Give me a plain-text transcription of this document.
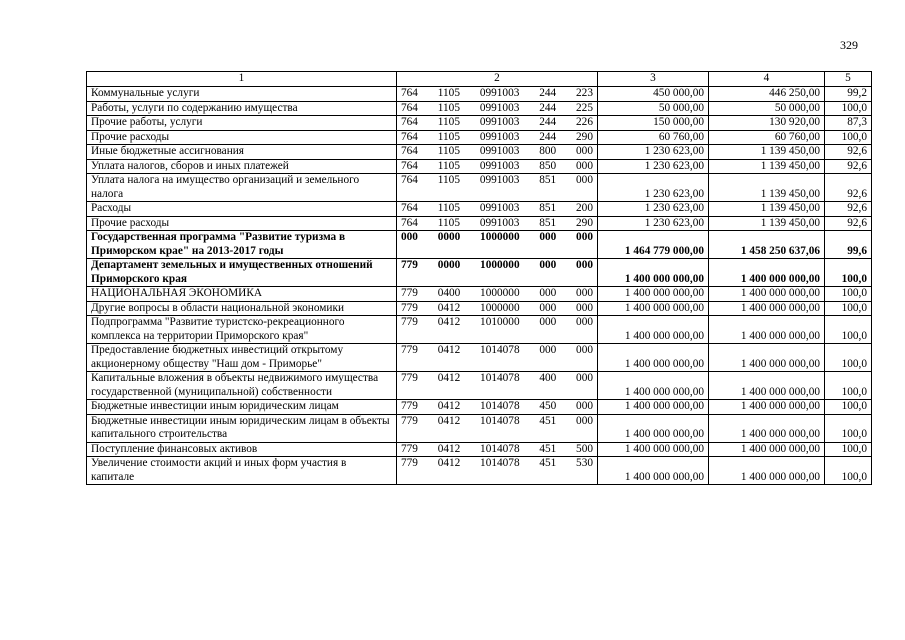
329
1	2	3	4	5
Коммунальные услуги	764 1105 0991003 244 223	450 000,00	446 250,00	99,2
Работы, услуги по содержанию имущества	764 1105 0991003 244 225	50 000,00	50 000,00	100,0
Прочие работы, услуги	764 1105 0991003 244 226	150 000,00	130 920,00	87,3
Прочие расходы	764 1105 0991003 244 290	60 760,00	60 760,00	100,0
Иные бюджетные ассигнования	764 1105 0991003 800 000	1 230 623,00	1 139 450,00	92,6
Уплата налогов, сборов и иных платежей	764 1105 0991003 850 000	1 230 623,00	1 139 450,00	92,6
Уплата налога на имущество организаций и земельного налога	764 1105 0991003 851 000	1 230 623,00	1 139 450,00	92,6
Расходы	764 1105 0991003 851 200	1 230 623,00	1 139 450,00	92,6
Прочие расходы	764 1105 0991003 851 290	1 230 623,00	1 139 450,00	92,6
Государственная программа "Развитие туризма в Приморском крае" на 2013-2017 годы	000 0000 1000000 000 000	1 464 779 000,00	1 458 250 637,06	99,6
Департамент земельных и имущественных отношений Приморского края	779 0000 1000000 000 000	1 400 000 000,00	1 400 000 000,00	100,0
НАЦИОНАЛЬНАЯ ЭКОНОМИКА	779 0400 1000000 000 000	1 400 000 000,00	1 400 000 000,00	100,0
Другие вопросы в области национальной экономики	779 0412 1000000 000 000	1 400 000 000,00	1 400 000 000,00	100,0
Подпрограмма "Развитие туристско-рекреационного комплекса на территории Приморского края"	779 0412 1010000 000 000	1 400 000 000,00	1 400 000 000,00	100,0
Предоставление бюджетных инвестиций открытому акционерному обществу "Наш дом - Приморье"	779 0412 1014078 000 000	1 400 000 000,00	1 400 000 000,00	100,0
Капитальные вложения в объекты недвижимого имущества государственной (муниципальной) собственности	779 0412 1014078 400 000	1 400 000 000,00	1 400 000 000,00	100,0
Бюджетные инвестиции иным юридическим лицам	779 0412 1014078 450 000	1 400 000 000,00	1 400 000 000,00	100,0
Бюджетные инвестиции иным юридическим лицам в объекты капитального строительства	779 0412 1014078 451 000	1 400 000 000,00	1 400 000 000,00	100,0
Поступление финансовых активов	779 0412 1014078 451 500	1 400 000 000,00	1 400 000 000,00	100,0
Увеличение стоимости акций и иных форм участия в капитале	779 0412 1014078 451 530	1 400 000 000,00	1 400 000 000,00	100,0
